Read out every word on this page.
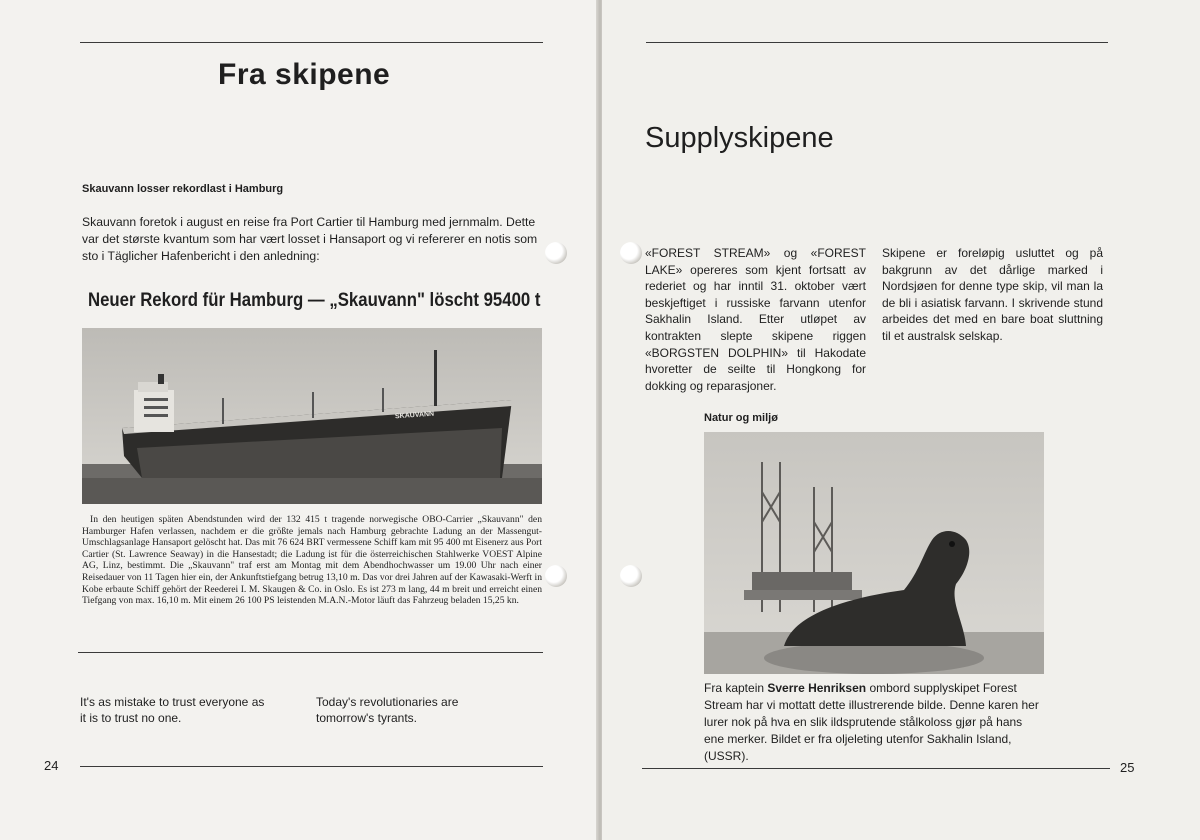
Fra skipene
Skauvann losser rekordlast i Hamburg
Skauvann foretok i august en reise fra Port Cartier til Hamburg med jernmalm. Dette var det største kvantum som har vært losset i Hansaport og vi refererer en notis som sto i Täglicher Hafenbericht i den anledning:
Neuer Rekord für Hamburg — „Skauvann" löscht 95400 t
SKAUVANN
In den heutigen späten Abendstunden wird der 132 415 t tragende norwegische OBO-Carrier „Skauvann" den Hamburger Hafen verlassen, nachdem er die größte jemals nach Hamburg gebrachte Ladung an der Massengut-Umschlagsanlage Hansaport gelöscht hat. Das mit 76 624 BRT vermessene Schiff kam mit 95 400 mt Eisenerz aus Port Cartier (St. Lawrence Seaway) in die Hansestadt; die Ladung ist für die österreichischen Stahlwerke VOEST Alpine AG, Linz, bestimmt. Die „Skauvann" traf erst am Montag mit dem Abendhochwasser um 19.00 Uhr nach einer Reisedauer von 11 Tagen hier ein, der Ankunftstiefgang betrug 13,10 m. Das vor drei Jahren auf der Kawasaki-Werft in Kobe erbaute Schiff gehört der Reederei I. M. Skaugen & Co. in Oslo. Es ist 273 m lang, 44 m breit und erreicht einen Tiefgang von max. 16,10 m. Mit einem 26 100 PS leistenden M.A.N.-Motor läuft das Fahrzeug beladen 15,25 kn.
It's as mistake to trust everyone as it is to trust no one.
Today's revolutionaries are tomorrow's tyrants.
24	25
Supplyskipene
«FOREST STREAM» og «FOREST LAKE» opereres som kjent fortsatt av rederiet og har inntil 31. oktober vært beskjeftiget i russiske farvann utenfor Sakhalin Island. Etter utløpet av kontrakten slepte skipene riggen «BORGSTEN DOLPHIN» til Hakodate hvoretter de seilte til Hongkong for dokking og reparasjoner.
Skipene er foreløpig usluttet og på bakgrunn av det dårlige marked i Nordsjøen for denne type skip, vil man la de bli i asiatisk farvann. I skrivende stund arbeides det med en bare boat sluttning til et australsk selskap.
Natur og miljø
Fra kaptein Sverre Henriksen ombord supplyskipet Forest Stream har vi mottatt dette illustrerende bilde. Denne karen her lurer nok på hva en slik ildsprutende stålkoloss gjør på hans ene merker. Bildet er fra oljeleting utenfor Sakhalin Island, (USSR).
